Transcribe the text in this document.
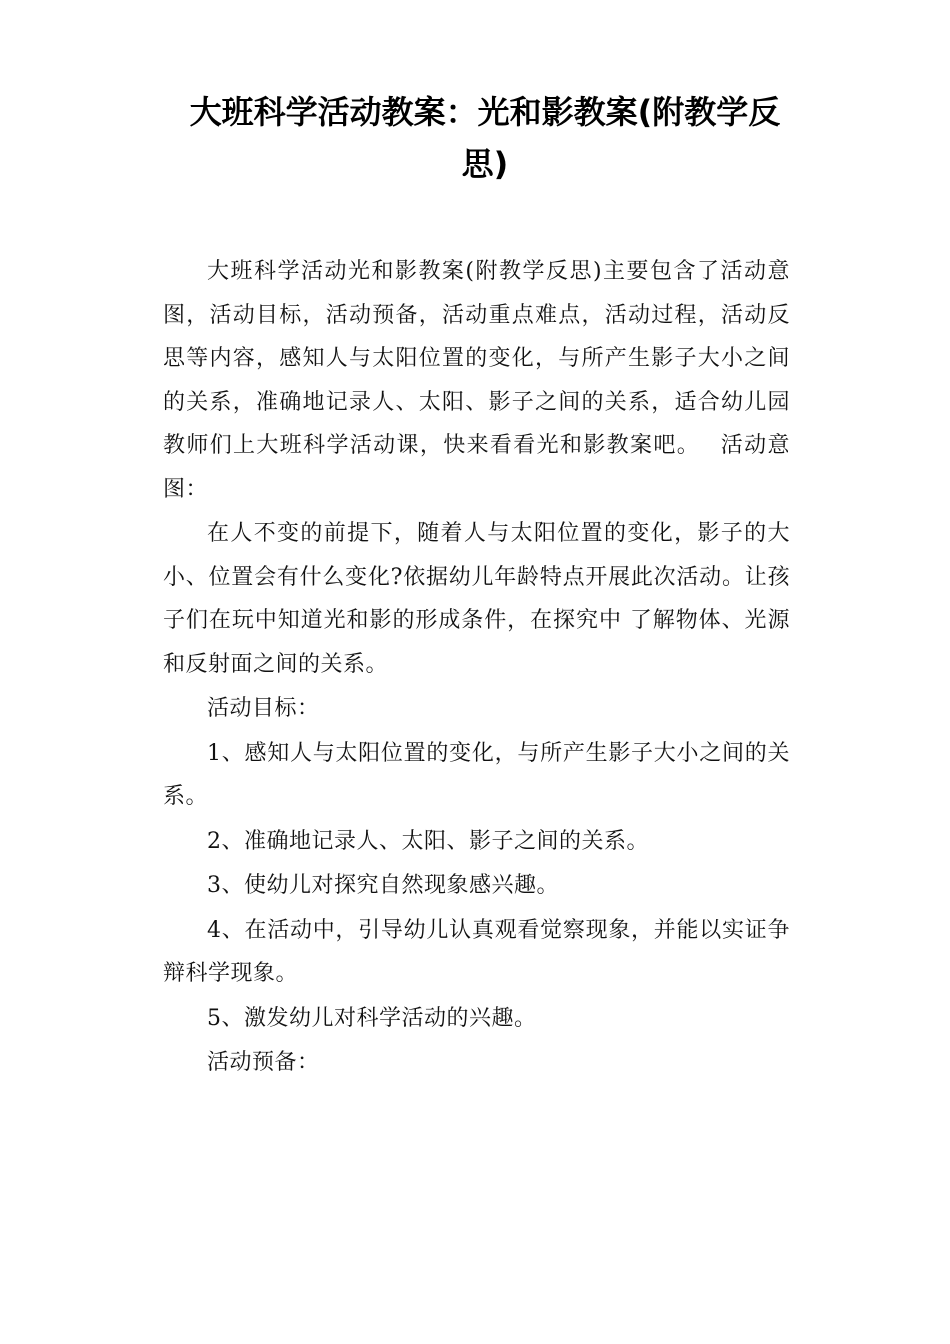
大班科学活动教案：光和影教案(附教学反思)

大班科学活动光和影教案(附教学反思)主要包含了活动意图，活动目标，活动预备，活动重点难点，活动过程，活动反思等内容，感知人与太阳位置的变化，与所产生影子大小之间的关系，准确地记录人、太阳、影子之间的关系，适合幼儿园教师们上大班科学活动课，快来看看光和影教案吧。　 活动意图：

在人不变的前提下，随着人与太阳位置的变化，影子的大小、位置会有什么变化?依据幼儿年龄特点开展此次活动。让孩子们在玩中知道光和影的形成条件，在探究中 了解物体、光源和反射面之间的关系。

活动目标：

1、感知人与太阳位置的变化，与所产生影子大小之间的关系。

2、准确地记录人、太阳、影子之间的关系。

3、使幼儿对探究自然现象感兴趣。

4、在活动中，引导幼儿认真观看觉察现象，并能以实证争辩科学现象。

5、激发幼儿对科学活动的兴趣。

活动预备：
